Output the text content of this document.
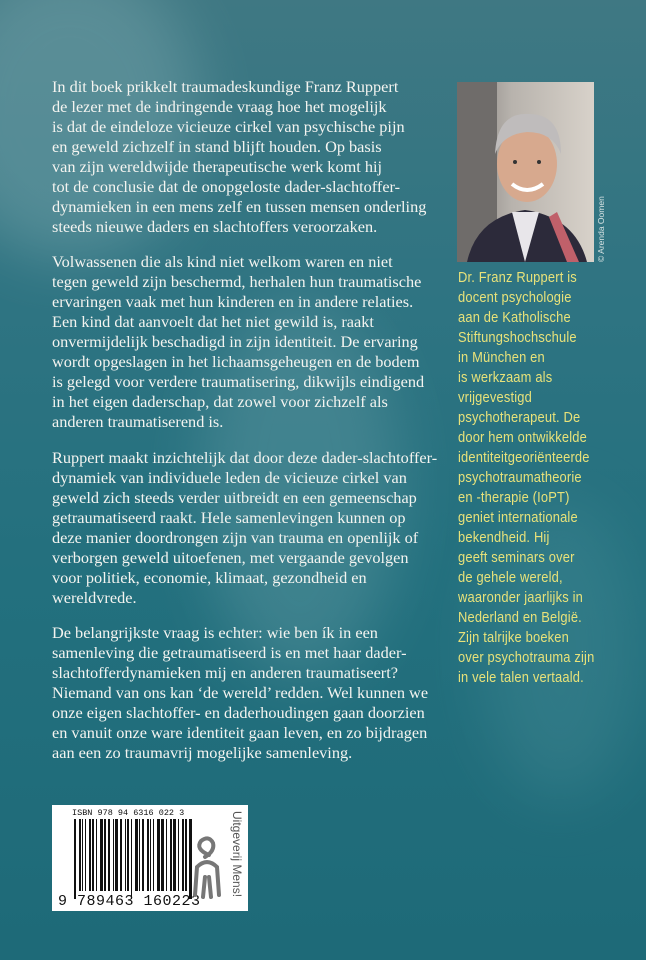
In dit boek prikkelt traumadeskundige Franz Ruppert
de lezer met de indringende vraag hoe het mogelijk
is dat de eindeloze vicieuze cirkel van psychische pijn
en geweld zichzelf in stand blijft houden. Op basis
van zijn wereldwijde therapeutische werk komt hij
tot de conclusie dat de onopgeloste dader-slachtoffer-
dynamieken in een mens zelf en tussen mensen onderling
steeds nieuwe daders en slachtoffers veroorzaken.
Volwassenen die als kind niet welkom waren en niet
tegen geweld zijn beschermd, herhalen hun traumatische
ervaringen vaak met hun kinderen en in andere relaties.
Een kind dat aanvoelt dat het niet gewild is, raakt
onvermijdelijk beschadigd in zijn identiteit. De ervaring
wordt opgeslagen in het lichaamsgeheugen en de bodem
is gelegd voor verdere traumatisering, dikwijls eindigend
in het eigen daderschap, dat zowel voor zichzelf als
anderen traumatiserend is.
Ruppert maakt inzichtelijk dat door deze dader-slachtoffer-
dynamiek van individuele leden de vicieuze cirkel van
geweld zich steeds verder uitbreidt en een gemeenschap
getraumatiseerd raakt. Hele samenlevingen kunnen op
deze manier doordrongen zijn van trauma en openlijk of
verborgen geweld uitoefenen, met vergaande gevolgen
voor politiek, economie, klimaat, gezondheid en
wereldvrede.
De belangrijkste vraag is echter: wie ben ík in een
samenleving die getraumatiseerd is en met haar dader-
slachtofferdynamieken mij en anderen traumatiseert?
Niemand van ons kan ‘de wereld’ redden. Wel kunnen we
onze eigen slachtoffer- en daderhoudingen gaan doorzien
en vanuit onze ware identiteit gaan leven, en zo bijdragen
aan een zo traumavrij mogelijke samenleving.
© Arenda Oomen
Dr. Franz Ruppert is
docent psychologie
aan de Katholische
Stiftungshochschule
in München en
is werkzaam als
vrijgevestigd
psychotherapeut. De
door hem ontwikkelde
identiteitgeoriënteerde
psychotraumatheorie
en -therapie (IoPT)
geniet internationale
bekendheid. Hij
geeft seminars over
de gehele wereld,
waaronder jaarlijks in
Nederland en België.
Zijn talrijke boeken
over psychotrauma zijn
in vele talen vertaald.
ISBN 978 94 6316 022 3
9 789463 160223
Uitgeverij Mens!
